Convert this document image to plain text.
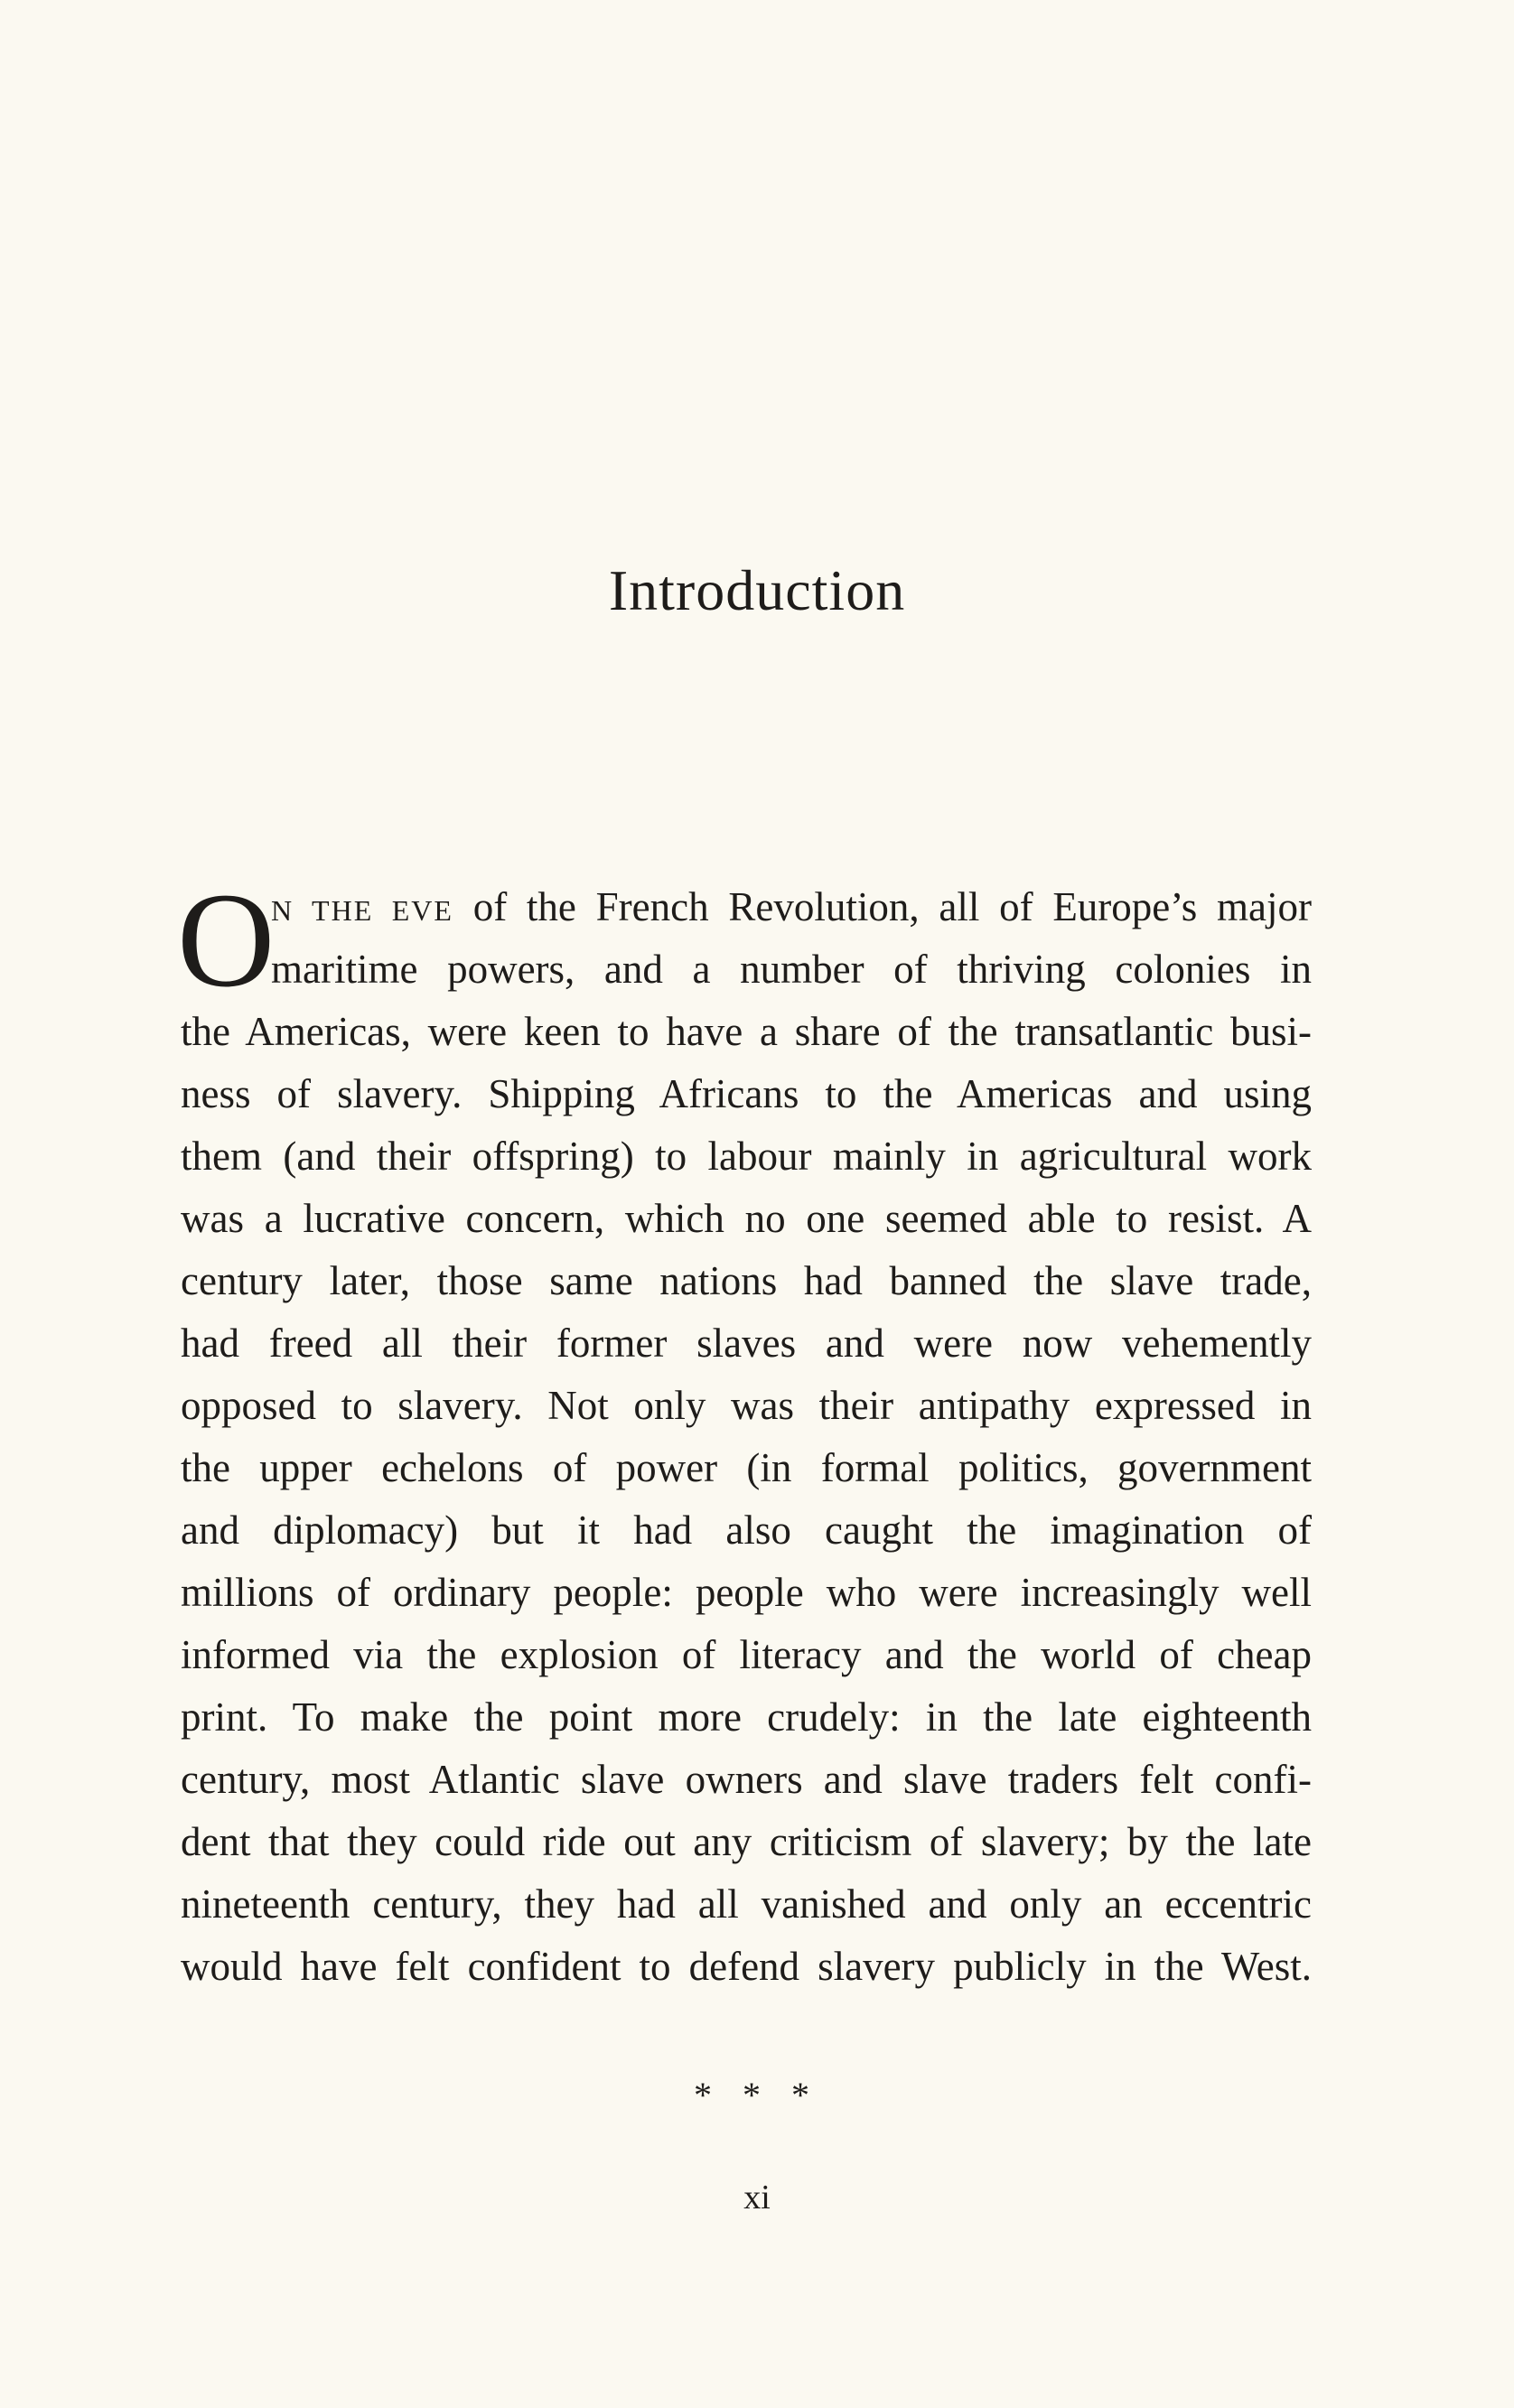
Introduction
O
N THE EVE of the French Revolution, all of Europe’s major
maritime powers, and a number of thriving colonies in
the Americas, were keen to have a share of the transatlantic busi-
ness of slavery. Shipping Africans to the Americas and using
them (and their offspring) to labour mainly in agricultural work
was a lucrative concern, which no one seemed able to resist. A
century later, those same nations had banned the slave trade,
had freed all their former slaves and were now vehemently
opposed to slavery. Not only was their antipathy expressed in
the upper echelons of power (in formal politics, government
and diplomacy) but it had also caught the imagination of
millions of ordinary people: people who were increasingly well
informed via the explosion of literacy and the world of cheap
print. To make the point more crudely: in the late eighteenth
century, most Atlantic slave owners and slave traders felt confi-
dent that they could ride out any criticism of slavery; by the late
nineteenth century, they had all vanished and only an eccentric
would have felt confident to defend slavery publicly in the West.
* * *
xi
